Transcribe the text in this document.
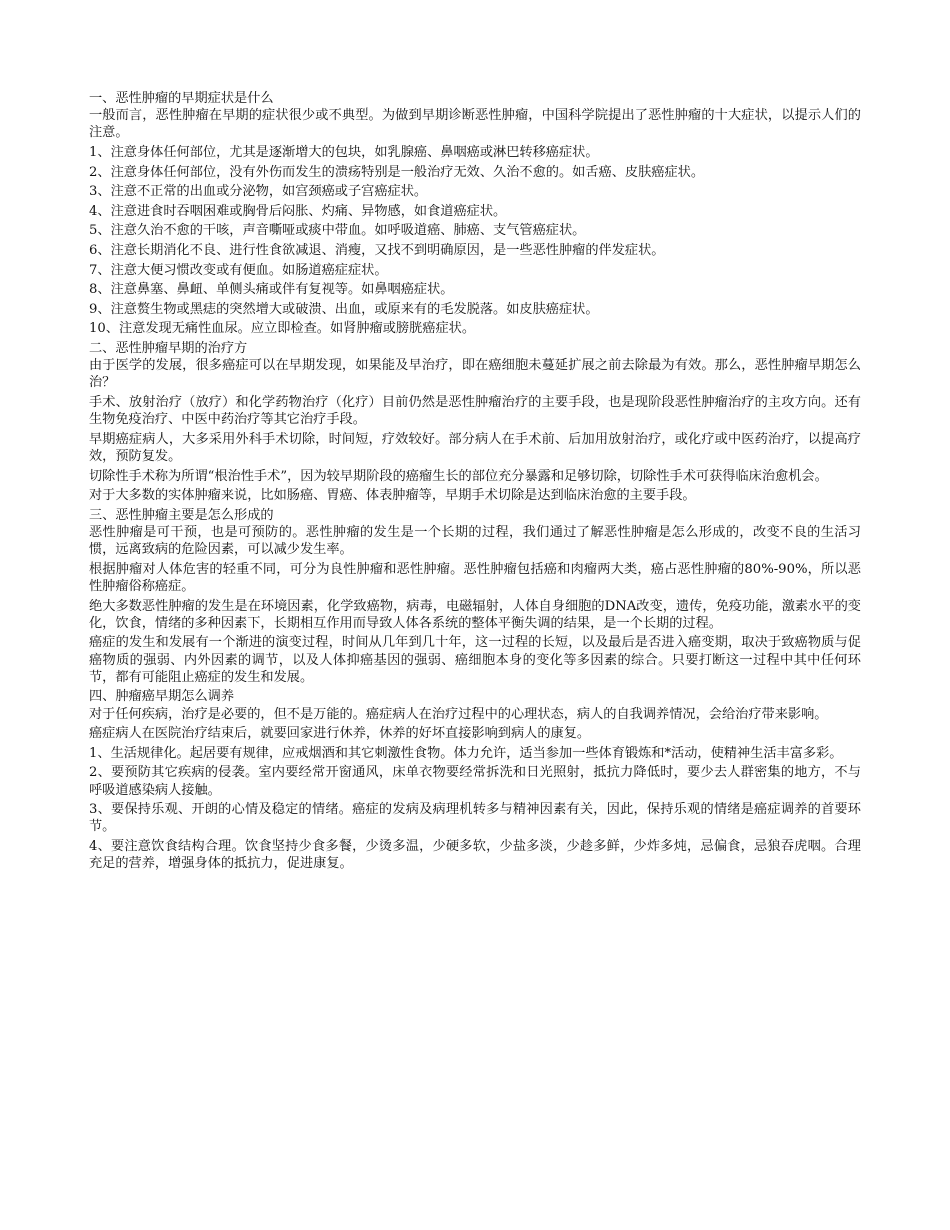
一、恶性肿瘤的早期症状是什么

一般而言，恶性肿瘤在早期的症状很少或不典型。为做到早期诊断恶性肿瘤，中国科学院提出了恶性肿瘤的十大症状，以提示人们的注意。

1、注意身体任何部位，尤其是逐渐增大的包块，如乳腺癌、鼻咽癌或淋巴转移癌症状。

2、注意身体任何部位，没有外伤而发生的溃疡特别是一般治疗无效、久治不愈的。如舌癌、皮肤癌症状。

3、注意不正常的出血或分泌物，如宫颈癌或子宫癌症状。

4、注意进食时吞咽困难或胸骨后闷胀、灼痛、异物感，如食道癌症状。

5、注意久治不愈的干咳，声音嘶哑或痰中带血。如呼吸道癌、肺癌、支气管癌症状。

6、注意长期消化不良、进行性食欲减退、消瘦，又找不到明确原因，是一些恶性肿瘤的伴发症状。

7、注意大便习惯改变或有便血。如肠道癌症症状。

8、注意鼻塞、鼻衄、单侧头痛或伴有复视等。如鼻咽癌症状。

9、注意赘生物或黑痣的突然增大或破溃、出血，或原来有的毛发脱落。如皮肤癌症状。

10、注意发现无痛性血尿。应立即检查。如肾肿瘤或膀胱癌症状。

二、恶性肿瘤早期的治疗方

由于医学的发展，很多癌症可以在早期发现，如果能及早治疗，即在癌细胞未蔓延扩展之前去除最为有效。那么，恶性肿瘤早期怎么治？

手术、放射治疗（放疗）和化学药物治疗（化疗）目前仍然是恶性肿瘤治疗的主要手段，也是现阶段恶性肿瘤治疗的主攻方向。还有生物免疫治疗、中医中药治疗等其它治疗手段。

早期癌症病人，大多采用外科手术切除，时间短，疗效较好。部分病人在手术前、后加用放射治疗，或化疗或中医药治疗，以提高疗效，预防复发。

切除性手术称为所谓“根治性手术”，因为较早期阶段的癌瘤生长的部位充分暴露和足够切除，切除性手术可获得临床治愈机会。

对于大多数的实体肿瘤来说，比如肠癌、胃癌、体表肿瘤等，早期手术切除是达到临床治愈的主要手段。

三、恶性肿瘤主要是怎么形成的

恶性肿瘤是可干预，也是可预防的。恶性肿瘤的发生是一个长期的过程，我们通过了解恶性肿瘤是怎么形成的，改变不良的生活习惯，远离致病的危险因素，可以减少发生率。

根据肿瘤对人体危害的轻重不同，可分为良性肿瘤和恶性肿瘤。恶性肿瘤包括癌和肉瘤两大类，癌占恶性肿瘤的80%-90%，所以恶性肿瘤俗称癌症。

绝大多数恶性肿瘤的发生是在环境因素，化学致癌物，病毒，电磁辐射，人体自身细胞的DNA改变，遗传，免疫功能，激素水平的变化，饮食，情绪的多种因素下，长期相互作用而导致人体各系统的整体平衡失调的结果，是一个长期的过程。

癌症的发生和发展有一个渐进的演变过程，时间从几年到几十年，这一过程的长短，以及最后是否进入癌变期，取决于致癌物质与促癌物质的强弱、内外因素的调节，以及人体抑癌基因的强弱、癌细胞本身的变化等多因素的综合。只要打断这一过程中其中任何环节，都有可能阻止癌症的发生和发展。

四、肿瘤癌早期怎么调养

对于任何疾病，治疗是必要的，但不是万能的。癌症病人在治疗过程中的心理状态，病人的自我调养情况，会给治疗带来影响。

癌症病人在医院治疗结束后，就要回家进行休养，休养的好坏直接影响到病人的康复。

1、生活规律化。起居要有规律，应戒烟酒和其它刺激性食物。体力允许，适当参加一些体育锻炼和*活动，使精神生活丰富多彩。

2、要预防其它疾病的侵袭。室内要经常开窗通风，床单衣物要经常拆洗和日光照射，抵抗力降低时，要少去人群密集的地方，不与呼吸道感染病人接触。

3、要保持乐观、开朗的心情及稳定的情绪。癌症的发病及病理机转多与精神因素有关，因此，保持乐观的情绪是癌症调养的首要环节。

4、要注意饮食结构合理。饮食坚持少食多餐，少烫多温，少硬多软，少盐多淡，少趁多鲜，少炸多炖，忌偏食，忌狼吞虎咽。合理充足的营养，增强身体的抵抗力，促进康复。
